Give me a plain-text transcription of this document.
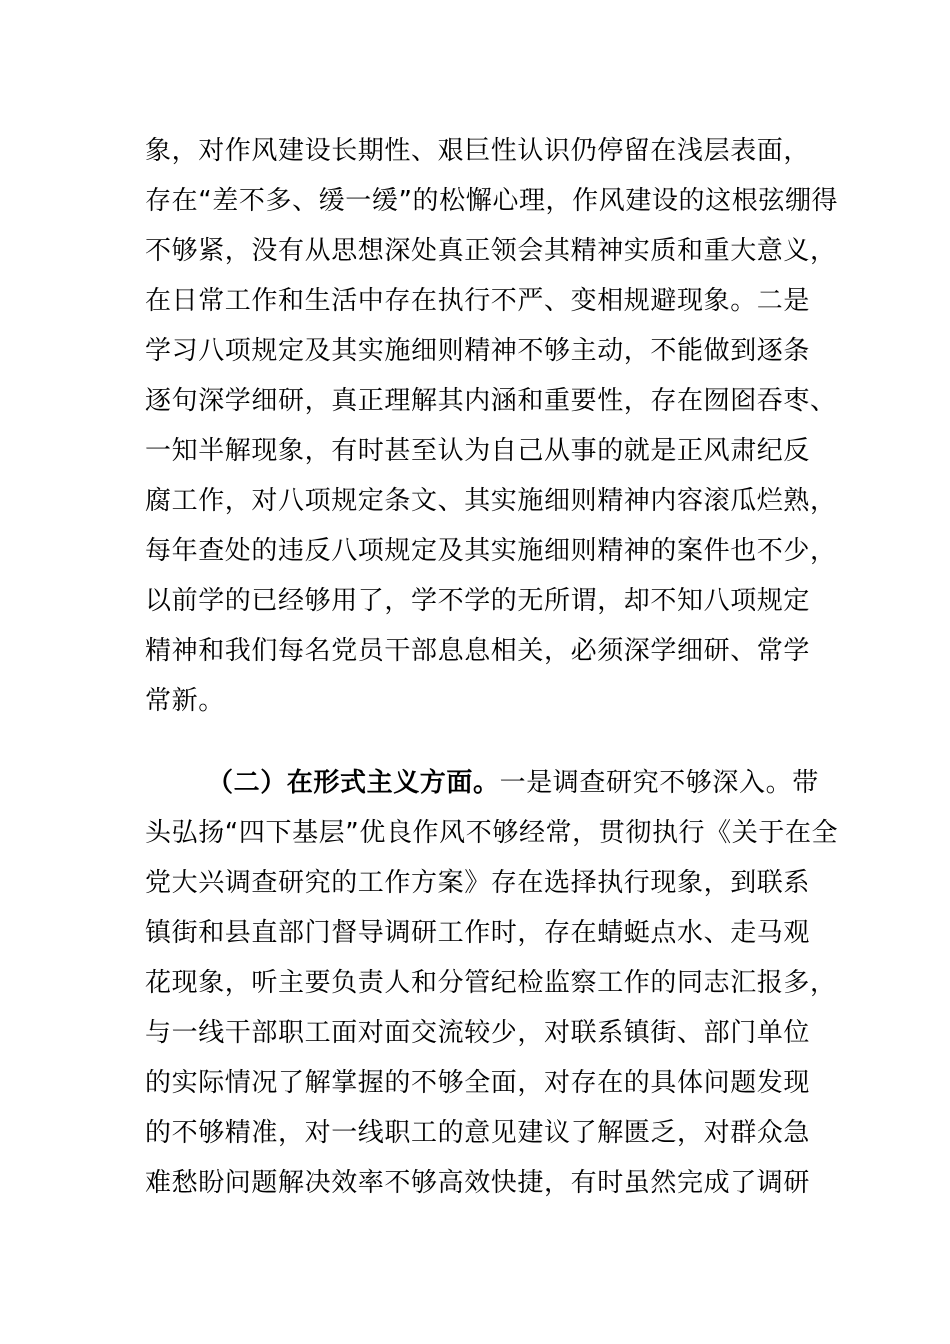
象，对作风建设长期性、艰巨性认识仍停留在浅层表面，
存在“差不多、缓一缓”的松懈心理，作风建设的这根弦绷得
不够紧，没有从思想深处真正领会其精神实质和重大意义，
在日常工作和生活中存在执行不严、变相规避现象。二是
学习八项规定及其实施细则精神不够主动，不能做到逐条
逐句深学细研，真正理解其内涵和重要性，存在囫囵吞枣、
一知半解现象，有时甚至认为自己从事的就是正风肃纪反
腐工作，对八项规定条文、其实施细则精神内容滚瓜烂熟，
每年查处的违反八项规定及其实施细则精神的案件也不少，
以前学的已经够用了，学不学的无所谓，却不知八项规定
精神和我们每名党员干部息息相关，必须深学细研、常学
常新。
（二）在形式主义方面。一是调查研究不够深入。带
头弘扬“四下基层”优良作风不够经常，贯彻执行《关于在全
党大兴调查研究的工作方案》存在选择执行现象，到联系
镇街和县直部门督导调研工作时，存在蜻蜓点水、走马观
花现象，听主要负责人和分管纪检监察工作的同志汇报多，
与一线干部职工面对面交流较少，对联系镇街、部门单位
的实际情况了解掌握的不够全面，对存在的具体问题发现
的不够精准，对一线职工的意见建议了解匮乏，对群众急
难愁盼问题解决效率不够高效快捷，有时虽然完成了调研
